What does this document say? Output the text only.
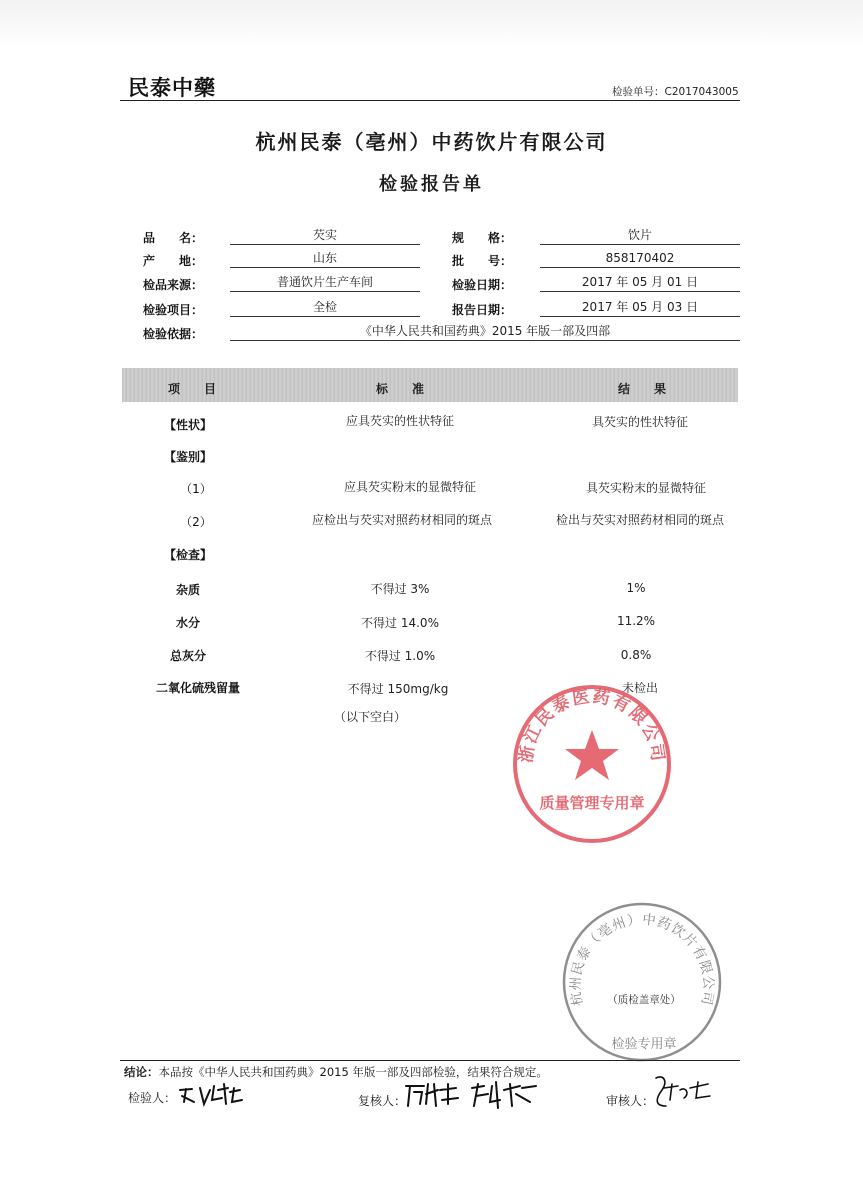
民泰中藥	检验单号：C2017043005
杭州民泰（亳州）中药饮片有限公司
检验报告单
品　　名：	芡实	规　　格：	饮片
产　　地：	山东	批　　号：	858170402
检品来源：	普通饮片生产车间	检验日期：	2017 年 05 月 01 日
检验项目：	全检	报告日期：	2017 年 05 月 03 日
检验依据：	《中华人民共和国药典》2015 年版一部及四部
项　　目	标　　准	结　　果
【性状】	应具芡实的性状特征	具芡实的性状特征
【鉴别】
（1）	应具芡实粉末的显微特征	具芡实粉末的显微特征
（2）	应检出与芡实对照药材相同的斑点	检出与芡实对照药材相同的斑点
【检查】
杂质	不得过 3%	1%
水分	不得过 14.0%	11.2%
总灰分	不得过 1.0%	0.8%
二氧化硫残留量	不得过 150mg/kg	未检出
（以下空白）
浙江民泰医药有限公司
质量管理专用章
杭州民泰（亳州）中药饮片有限公司
（质检盖章处）
检验专用章
结论：本品按《中华人民共和国药典》2015 年版一部及四部检验，结果符合规定。
检验人：	复核人：	审核人：
